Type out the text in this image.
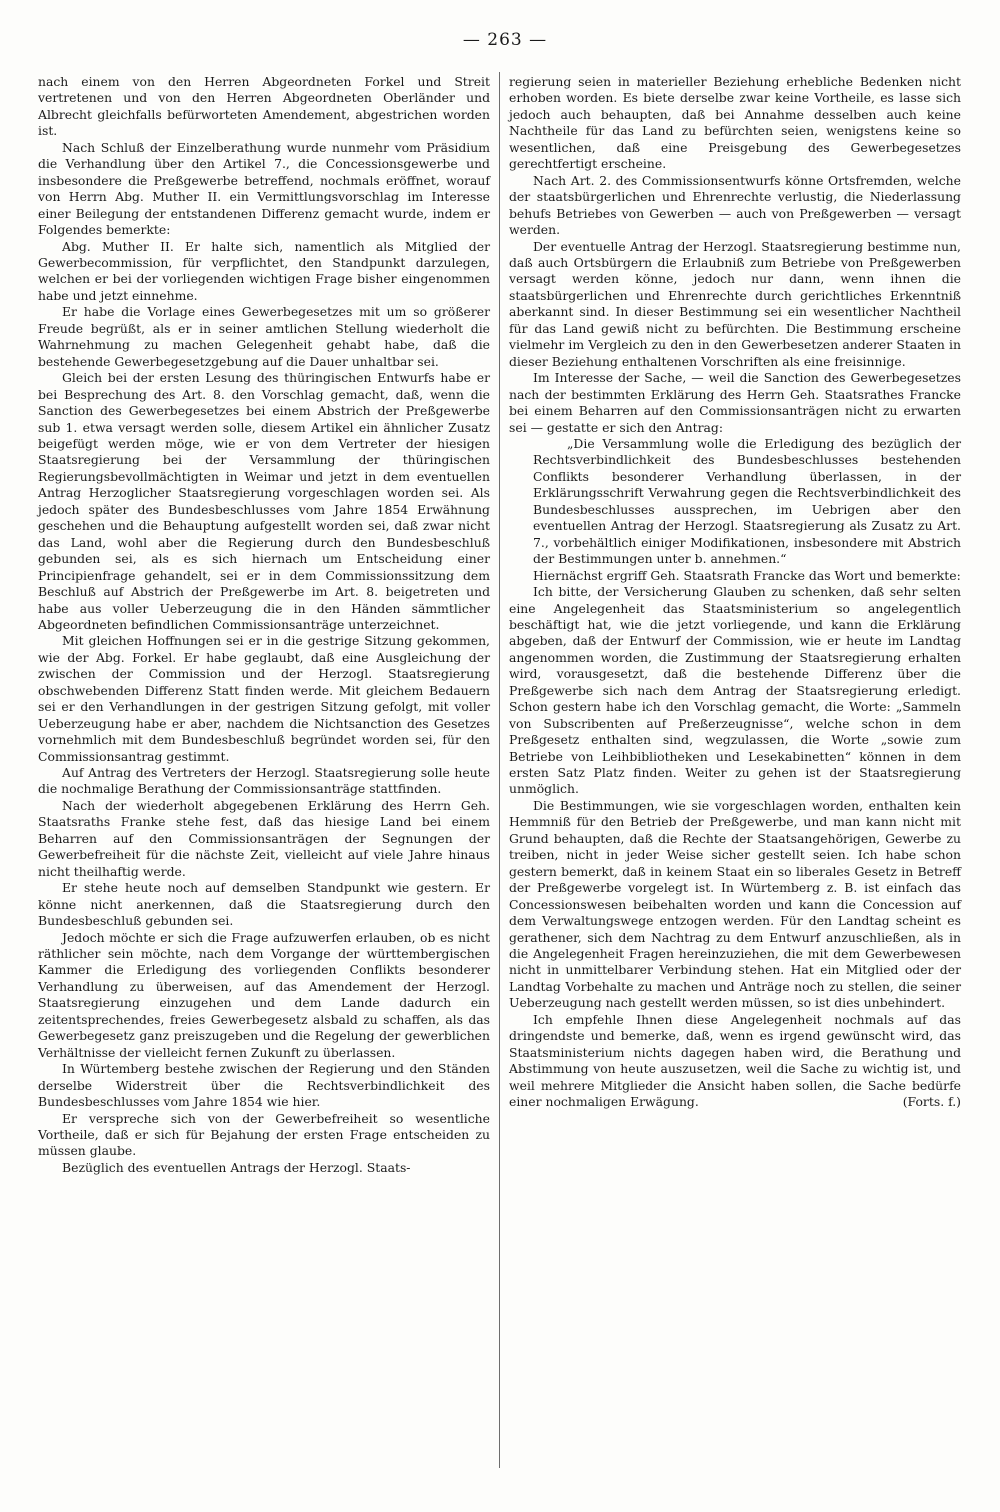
— 263 —

nach einem von den Herren Abgeordneten Forkel und Streit vertretenen und von den Herren Abgeordneten Oberländer und Albrecht gleichfalls befürworteten Amendement, abgestrichen worden ist.

Nach Schluß der Einzelberathung wurde nunmehr vom Präsidium die Verhandlung über den Artikel 7., die Concessionsgewerbe und insbesondere die Preßgewerbe betreffend, nochmals eröffnet, worauf von Herrn Abg. Muther II. ein Vermittlungsvorschlag im Interesse einer Beilegung der entstandenen Differenz gemacht wurde, indem er Folgendes bemerkte:

Abg. Muther II. Er halte sich, namentlich als Mitglied der Gewerbecommission, für verpflichtet, den Standpunkt darzulegen, welchen er bei der vorliegenden wichtigen Frage bisher eingenommen habe und jetzt einnehme.

Er habe die Vorlage eines Gewerbegesetzes mit um so größerer Freude begrüßt, als er in seiner amtlichen Stellung wiederholt die Wahrnehmung zu machen Gelegenheit gehabt habe, daß die bestehende Gewerbegesetzgebung auf die Dauer unhaltbar sei.

Gleich bei der ersten Lesung des thüringischen Entwurfs habe er bei Besprechung des Art. 8. den Vorschlag gemacht, daß, wenn die Sanction des Gewerbegesetzes bei einem Abstrich der Preßgewerbe sub 1. etwa versagt werden solle, diesem Artikel ein ähnlicher Zusatz beigefügt werden möge, wie er von dem Vertreter der hiesigen Staatsregierung bei der Versammlung der thüringischen Regierungsbevollmächtigten in Weimar und jetzt in dem eventuellen Antrag Herzoglicher Staatsregierung vorgeschlagen worden sei. Als jedoch später des Bundesbeschlusses vom Jahre 1854 Erwähnung geschehen und die Behauptung aufgestellt worden sei, daß zwar nicht das Land, wohl aber die Regierung durch den Bundesbeschluß gebunden sei, als es sich hiernach um Entscheidung einer Principienfrage gehandelt, sei er in dem Commissionssitzung dem Beschluß auf Abstrich der Preßgewerbe im Art. 8. beigetreten und habe aus voller Ueberzeugung die in den Händen sämmtlicher Abgeordneten befindlichen Commissionsanträge unterzeichnet.

Mit gleichen Hoffnungen sei er in die gestrige Sitzung gekommen, wie der Abg. Forkel. Er habe geglaubt, daß eine Ausgleichung der zwischen der Commission und der Herzogl. Staatsregierung obschwebenden Differenz Statt finden werde. Mit gleichem Bedauern sei er den Verhandlungen in der gestrigen Sitzung gefolgt, mit voller Ueberzeugung habe er aber, nachdem die Nichtsanction des Gesetzes vornehmlich mit dem Bundesbeschluß begründet worden sei, für den Commissionsantrag gestimmt.

Auf Antrag des Vertreters der Herzogl. Staatsregierung solle heute die nochmalige Berathung der Commissionsanträge stattfinden.

Nach der wiederholt abgegebenen Erklärung des Herrn Geh. Staatsraths Franke stehe fest, daß das hiesige Land bei einem Beharren auf den Commissionsanträgen der Segnungen der Gewerbefreiheit für die nächste Zeit, vielleicht auf viele Jahre hinaus nicht theilhaftig werde.

Er stehe heute noch auf demselben Standpunkt wie gestern. Er könne nicht anerkennen, daß die Staatsregierung durch den Bundesbeschluß gebunden sei.

Jedoch möchte er sich die Frage aufzuwerfen erlauben, ob es nicht räthlicher sein möchte, nach dem Vorgange der württembergischen Kammer die Erledigung des vorliegenden Conflikts besonderer Verhandlung zu überweisen, auf das Amendement der Herzogl. Staatsregierung einzugehen und dem Lande dadurch ein zeitentsprechendes, freies Gewerbegesetz alsbald zu schaffen, als das Gewerbegesetz ganz preiszugeben und die Regelung der gewerblichen Verhältnisse der vielleicht fernen Zukunft zu überlassen.

In Würtemberg bestehe zwischen der Regierung und den Ständen derselbe Widerstreit über die Rechtsverbindlichkeit des Bundesbeschlusses vom Jahre 1854 wie hier.

Er verspreche sich von der Gewerbefreiheit so wesentliche Vortheile, daß er sich für Bejahung der ersten Frage entscheiden zu müssen glaube.

Bezüglich des eventuellen Antrags der Herzogl. Staats-

regierung seien in materieller Beziehung erhebliche Bedenken nicht erhoben worden. Es biete derselbe zwar keine Vortheile, es lasse sich jedoch auch behaupten, daß bei Annahme desselben auch keine Nachtheile für das Land zu befürchten seien, wenigstens keine so wesentlichen, daß eine Preisgebung des Gewerbegesetzes gerechtfertigt erscheine.

Nach Art. 2. des Commissionsentwurfs könne Ortsfremden, welche der staatsbürgerlichen und Ehrenrechte verlustig, die Niederlassung behufs Betriebes von Gewerben — auch von Preßgewerben — versagt werden.

Der eventuelle Antrag der Herzogl. Staatsregierung bestimme nun, daß auch Ortsbürgern die Erlaubniß zum Betriebe von Preßgewerben versagt werden könne, jedoch nur dann, wenn ihnen die staatsbürgerlichen und Ehrenrechte durch gerichtliches Erkenntniß aberkannt sind. In dieser Bestimmung sei ein wesentlicher Nachtheil für das Land gewiß nicht zu befürchten. Die Bestimmung erscheine vielmehr im Vergleich zu den in den Gewerbesetzen anderer Staaten in dieser Beziehung enthaltenen Vorschriften als eine freisinnige.

Im Interesse der Sache, — weil die Sanction des Gewerbegesetzes nach der bestimmten Erklärung des Herrn Geh. Staatsrathes Francke bei einem Beharren auf den Commissionsanträgen nicht zu erwarten sei — gestatte er sich den Antrag:

„Die Versammlung wolle die Erledigung des bezüglich der Rechtsverbindlichkeit des Bundesbeschlusses bestehenden Conflikts besonderer Verhandlung überlassen, in der Erklärungsschrift Verwahrung gegen die Rechtsverbindlichkeit des Bundesbeschlusses aussprechen, im Uebrigen aber den eventuellen Antrag der Herzogl. Staatsregierung als Zusatz zu Art. 7., vorbehältlich einiger Modifikationen, insbesondere mit Abstrich der Bestimmungen unter b. annehmen.“

Hiernächst ergriff Geh. Staatsrath Francke das Wort und bemerkte:

Ich bitte, der Versicherung Glauben zu schenken, daß sehr selten eine Angelegenheit das Staatsministerium so angelegentlich beschäftigt hat, wie die jetzt vorliegende, und kann die Erklärung abgeben, daß der Entwurf der Commission, wie er heute im Landtag angenommen worden, die Zustimmung der Staatsregierung erhalten wird, vorausgesetzt, daß die bestehende Differenz über die Preßgewerbe sich nach dem Antrag der Staatsregierung erledigt. Schon gestern habe ich den Vorschlag gemacht, die Worte: „Sammeln von Subscribenten auf Preßerzeugnisse“, welche schon in dem Preßgesetz enthalten sind, wegzulassen, die Worte „sowie zum Betriebe von Leihbibliotheken und Lesekabinetten“ können in dem ersten Satz Platz finden. Weiter zu gehen ist der Staatsregierung unmöglich.

Die Bestimmungen, wie sie vorgeschlagen worden, enthalten kein Hemmniß für den Betrieb der Preßgewerbe, und man kann nicht mit Grund behaupten, daß die Rechte der Staatsangehörigen, Gewerbe zu treiben, nicht in jeder Weise sicher gestellt seien. Ich habe schon gestern bemerkt, daß in keinem Staat ein so liberales Gesetz in Betreff der Preßgewerbe vorgelegt ist. In Würtemberg z. B. ist einfach das Concessionswesen beibehalten worden und kann die Concession auf dem Verwaltungswege entzogen werden. Für den Landtag scheint es gerathener, sich dem Nachtrag zu dem Entwurf anzuschließen, als in die Angelegenheit Fragen hereinzuziehen, die mit dem Gewerbewesen nicht in unmittelbarer Verbindung stehen. Hat ein Mitglied oder der Landtag Vorbehalte zu machen und Anträge noch zu stellen, die seiner Ueberzeugung nach gestellt werden müssen, so ist dies unbehindert.

Ich empfehle Ihnen diese Angelegenheit nochmals auf das dringendste und bemerke, daß, wenn es irgend gewünscht wird, das Staatsministerium nichts dagegen haben wird, die Berathung und Abstimmung von heute auszusetzen, weil die Sache zu wichtig ist, und weil mehrere Mitglieder die Ansicht haben sollen, die Sache bedürfe einer nochmaligen Erwägung.	(Forts. f.)
